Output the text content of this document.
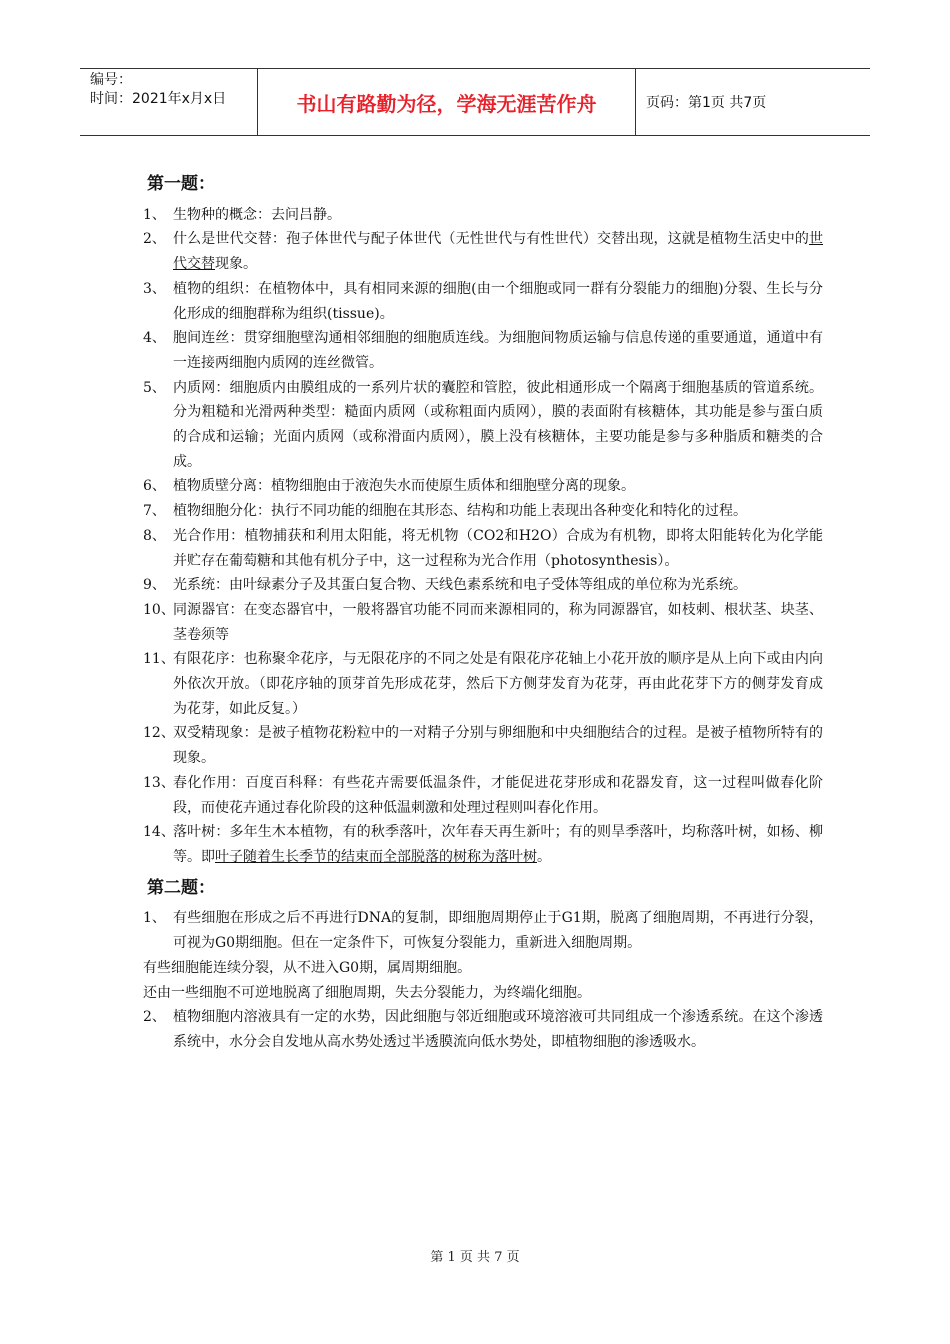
编号：
时间：2021年x月x日	书山有路勤为径，学海无涯苦作舟	页码：第1页 共7页
第一题：
1、 生物种的概念：去问吕静。
2、 什么是世代交替：孢子体世代与配子体世代（无性世代与有性世代）交替出现，这就是植物生活史中的世代交替现象。
3、 植物的组织：在植物体中，具有相同来源的细胞(由一个细胞或同一群有分裂能力的细胞)分裂、生长与分化形成的细胞群称为组织(tissue)。
4、 胞间连丝：贯穿细胞壁沟通相邻细胞的细胞质连线。为细胞间物质运输与信息传递的重要通道，通道中有一连接两细胞内质网的连丝微管。
5、 内质网：细胞质内由膜组成的一系列片状的囊腔和管腔，彼此相通形成一个隔离于细胞基质的管道系统。分为粗糙和光滑两种类型：糙面内质网（或称粗面内质网），膜的表面附有核糖体，其功能是参与蛋白质的合成和运输；光面内质网（或称滑面内质网），膜上没有核糖体，主要功能是参与多种脂质和糖类的合成。
6、 植物质壁分离：植物细胞由于液泡失水而使原生质体和细胞壁分离的现象。
7、 植物细胞分化：执行不同功能的细胞在其形态、结构和功能上表现出各种变化和特化的过程。
8、 光合作用：植物捕获和利用太阳能，将无机物（CO2和H2O）合成为有机物，即将太阳能转化为化学能并贮存在葡萄糖和其他有机分子中，这一过程称为光合作用（photosynthesis）。
9、 光系统：由叶绿素分子及其蛋白复合物、天线色素系统和电子受体等组成的单位称为光系统。
10、
同源器官：在变态器官中，一般将器官功能不同而来源相同的，称为同源器官，如枝刺、根状茎、块茎、茎卷须等
11、
有限花序：也称聚伞花序，与无限花序的不同之处是有限花序花轴上小花开放的顺序是从上向下或由内向外依次开放。（即花序轴的顶芽首先形成花芽，然后下方侧芽发育为花芽，再由此花芽下方的侧芽发育成为花芽，如此反复。）
12、
双受精现象：是被子植物花粉粒中的一对精子分别与卵细胞和中央细胞结合的过程。是被子植物所特有的现象。
13、
春化作用：百度百科释：有些花卉需要低温条件，才能促进花芽形成和花器发育，这一过程叫做春化阶段，而使花卉通过春化阶段的这种低温刺激和处理过程则叫春化作用。
14、
落叶树：多年生木本植物，有的秋季落叶，次年春天再生新叶；有的则旱季落叶，均称落叶树，如杨、柳等。即叶子随着生长季节的结束而全部脱落的树称为落叶树。
第二题：
1、 有些细胞在形成之后不再进行DNA的复制，即细胞周期停止于G1期，脱离了细胞周期，不再进行分裂，可视为G0期细胞。但在一定条件下，可恢复分裂能力，重新进入细胞周期。
有些细胞能连续分裂，从不进入G0期，属周期细胞。
还由一些细胞不可逆地脱离了细胞周期，失去分裂能力，为终端化细胞。
2、 植物细胞内溶液具有一定的水势，因此细胞与邻近细胞或环境溶液可共同组成一个渗透系统。在这个渗透系统中，水分会自发地从高水势处透过半透膜流向低水势处，即植物细胞的渗透吸水。
第 1 页 共 7 页
